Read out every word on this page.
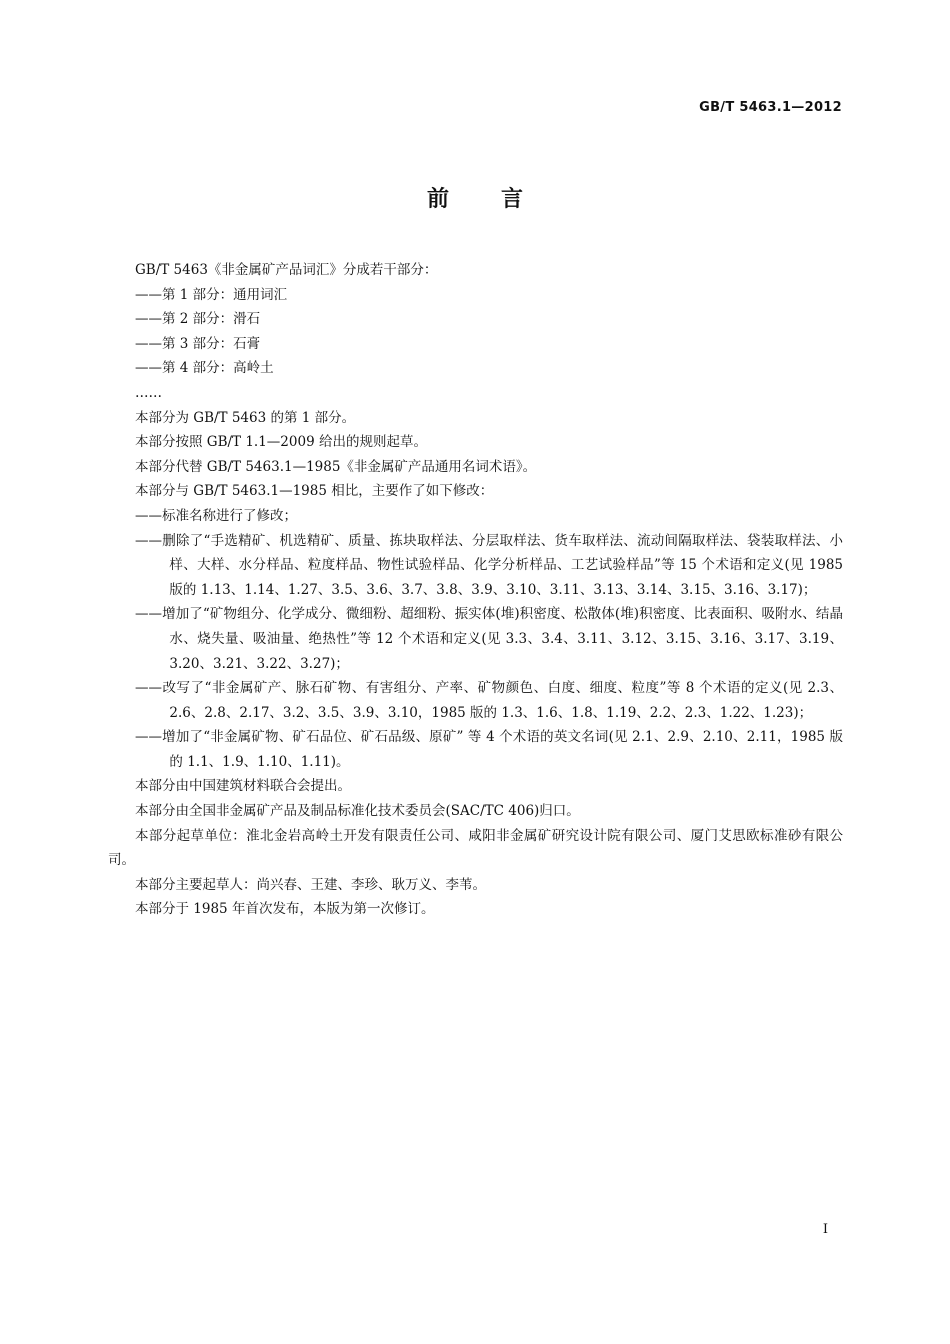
GB/T 5463.1—2012
前言

GB/T 5463《非金属矿产品词汇》分成若干部分：

——第 1 部分：通用词汇

——第 2 部分：滑石

——第 3 部分：石膏

——第 4 部分：高岭土

……

本部分为 GB/T 5463 的第 1 部分。

本部分按照 GB/T 1.1—2009 给出的规则起草。

本部分代替 GB/T 5463.1—1985《非金属矿产品通用名词术语》。

本部分与 GB/T 5463.1—1985 相比，主要作了如下修改：

——标准名称进行了修改；

——删除了“手选精矿、机选精矿、质量、拣块取样法、分层取样法、货车取样法、流动间隔取样法、袋装取样法、小样、大样、水分样品、粒度样品、物性试验样品、化学分析样品、工艺试验样品”等 15 个术语和定义(见 1985 版的 1.13、1.14、1.27、3.5、3.6、3.7、3.8、3.9、3.10、3.11、3.13、3.14、3.15、3.16、3.17)；

——增加了“矿物组分、化学成分、微细粉、超细粉、振实体(堆)积密度、松散体(堆)积密度、比表面积、吸附水、结晶水、烧失量、吸油量、绝热性”等 12 个术语和定义(见 3.3、3.4、3.11、3.12、3.15、3.16、3.17、3.19、3.20、3.21、3.22、3.27)；

——改写了“非金属矿产、脉石矿物、有害组分、产率、矿物颜色、白度、细度、粒度”等 8 个术语的定义(见 2.3、2.6、2.8、2.17、3.2、3.5、3.9、3.10，1985 版的 1.3、1.6、1.8、1.19、2.2、2.3、1.22、1.23)；

——增加了“非金属矿物、矿石品位、矿石品级、原矿” 等 4 个术语的英文名词(见 2.1、2.9、2.10、2.11，1985 版的 1.1、1.9、1.10、1.11)。

本部分由中国建筑材料联合会提出。

本部分由全国非金属矿产品及制品标准化技术委员会(SAC/TC 406)归口。

本部分起草单位：淮北金岩高岭土开发有限责任公司、咸阳非金属矿研究设计院有限公司、厦门艾思欧标准砂有限公司。

本部分主要起草人：尚兴春、王建、李珍、耿万义、李苇。

本部分于 1985 年首次发布，本版为第一次修订。

I
